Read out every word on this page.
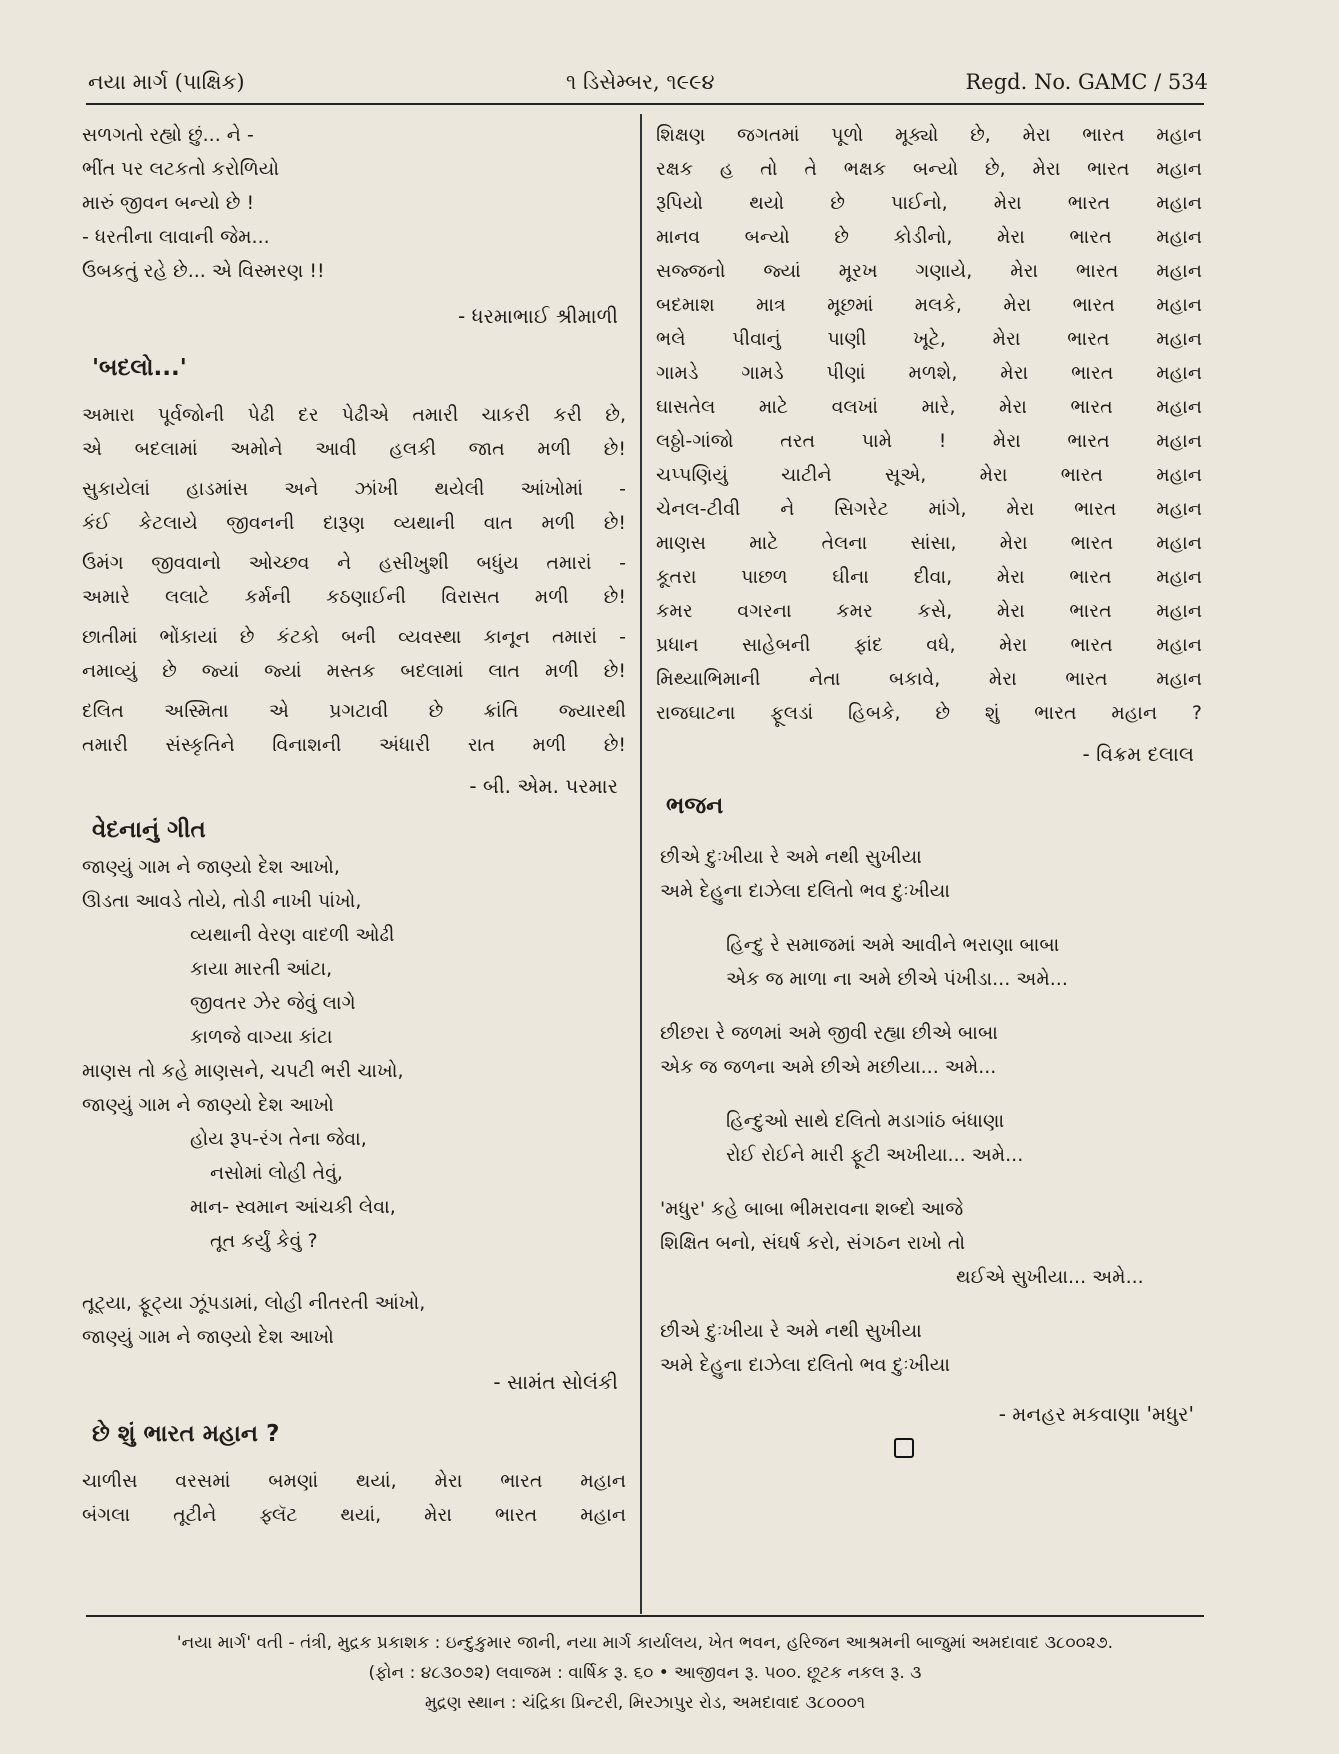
નયા માર્ગ (પાક્ષિક)	૧ ડિસેમ્બર, ૧૯૯૪	Regd. No. GAMC / 534
સળગતો રહ્યો છું... ને -
ભીંત પર લટકતો કરોળિયો
મારું જીવન બન્યો છે !
- ધરતીના લાવાની જેમ...
ઉબકતું રહે છે... એ વિસ્મરણ !!
- ધરમાભાઈ શ્રીમાળી
'બદલો...'
અમારા પૂર્વજોની પેઢી દર પેઢીએ તમારી ચાકરી કરી છે,
એ બદલામાં અમોને આવી હલકી જાત મળી છે!
સુકાયેલાં હાડમાંસ અને ઝાંખી થયેલી આંખોમાં -
કંઈ કેટલાયે જીવનની દારૂણ વ્યથાની વાત મળી છે!
ઉમંગ જીવવાનો ઓચ્છવ ને હસીખુશી બધુંય તમારાં -
અમારે લલાટે કર્મની કઠણાઈની વિરાસત મળી છે!
છાતીમાં ભોંકાયાં છે કંટકો બની વ્યવસ્થા કાનૂન તમારાં -
નમાવ્યું છે જ્યાં જ્યાં મસ્તક બદલામાં લાત મળી છે!
દલિત અસ્મિતા એ પ્રગટાવી છે ક્રાંતિ જ્યારથી
તમારી સંસ્કૃતિને વિનાશની અંધારી રાત મળી છે!
- બી. એમ. પરમાર
વેદનાનું ગીત
જાણ્યું ગામ ને જાણ્યો દેશ આખો,
ઊડતા આવડે તોયે, તોડી નાખી પાંખો,
વ્યથાની વેરણ વાદળી ઓઢી
કાયા મારતી આંટા,
જીવતર ઝેર જેવું લાગે
કાળજે વાગ્યા કાંટા
માણસ તો કહે માણસને, ચપટી ભરી ચાખો,
જાણ્યું ગામ ને જાણ્યો દેશ આખો
હોય રૂપ-રંગ તેના જેવા,
નસોમાં લોહી તેવું,
માન- સ્વમાન આંચકી લેવા,
તૂત કર્યું કેવું ?
તૂટ્યા, ફૂટ્યા ઝૂંપડામાં, લોહી નીતરતી આંખો,
જાણ્યું ગામ ને જાણ્યો દેશ આખો
- સામંત સોલંકી
છે શું ભારત મહાન ?
ચાળીસ વરસમાં બમણાં થયાં, મેરા ભારત મહાન
બંગલા તૂટીને ફ્લૅટ થયાં, મેરા ભારત મહાન
શિક્ષણ જગતમાં પૂળો મૂક્યો છે, મેરા ભારત મહાન
રક્ષક હ તો તે ભક્ષક બન્યો છે, મેરા ભારત મહાન
રૂપિયો થયો છે પાઈનો, મેરા ભારત મહાન
માનવ બન્યો છે કોડીનો, મેરા ભારત મહાન
સજ્જનો જ્યાં મૂરખ ગણાયે, મેરા ભારત મહાન
બદમાશ માત્ર મૂછમાં મલકે, મેરા ભારત મહાન
ભલે પીવાનું પાણી ખૂટે, મેરા ભારત મહાન
ગામડે ગામડે પીણાં મળશે, મેરા ભારત મહાન
ઘાસતેલ માટે વલખાં મારે, મેરા ભારત મહાન
લઠ્ઠો-ગાંજો તરત પામે ! મેરા ભારત મહાન
ચપ્પણિયું ચાટીને સૂએ, મેરા ભારત મહાન
ચેનલ-ટીવી ને સિગરેટ માંગે, મેરા ભારત મહાન
માણસ માટે તેલના સાંસા, મેરા ભારત મહાન
કૂતરા પાછળ ઘીના દીવા, મેરા ભારત મહાન
કમર વગરના કમર કસે, મેરા ભારત મહાન
પ્રધાન સાહેબની ફાંદ વધે, મેરા ભારત મહાન
મિથ્યાભિમાની નેતા બકાવે, મેરા ભારત મહાન
રાજઘાટના ફૂલડાં હિબકે, છે શું ભારત મહાન ?
- વિક્રમ દલાલ
ભજન
છીએ દુઃખીયા રે અમે નથી સુખીયા
અમે દેહુના દાઝેલા દલિતો ભવ દુઃખીયા
હિન્દુ રે સમાજમાં અમે આવીને ભરાણા બાબા
એક જ માળા ના અમે છીએ પંખીડા... અમે...
છીછરા રે જળમાં અમે જીવી રહ્યા છીએ બાબા
એક જ જળના અમે છીએ મછીયા... અમે...
હિન્દુઓ સાથે દલિતો મડાગાંઠ બંધાણા
રોઈ રોઈને મારી ફૂટી અખીયા... અમે...
'મધુર' કહે બાબા ભીમરાવના શબ્દો આજે
શિક્ષિત બનો, સંઘર્ષ કરો, સંગઠન રાખો તો
થઈએ સુખીયા... અમે...
છીએ દુઃખીયા રે અમે નથી સુખીયા
અમે દેહુના દાઝેલા દલિતો ભવ દુઃખીયા
- મનહર મકવાણા 'મધુર'
'નયા માર્ગ' વતી - તંત્રી, મુદ્રક પ્રકાશક : ઇન્દુકુમાર જાની, નયા માર્ગ કાર્યાલય, ખેત ભવન, હરિજન આશ્રમની બાજુમાં અમદાવાદ ૩૮૦૦૨૭.
(ફોન : ૪૮૩૦૭૨) લવાજમ : વાર્ષિક રૂ. ૬૦ • આજીવન રૂ. ૫૦૦. છૂટક નકલ રૂ. ૩
મુદ્રણ સ્થાન : ચંદ્રિકા પ્રિન્ટરી, મિરઝાપુર રોડ, અમદાવાદ ૩૮૦૦૦૧
